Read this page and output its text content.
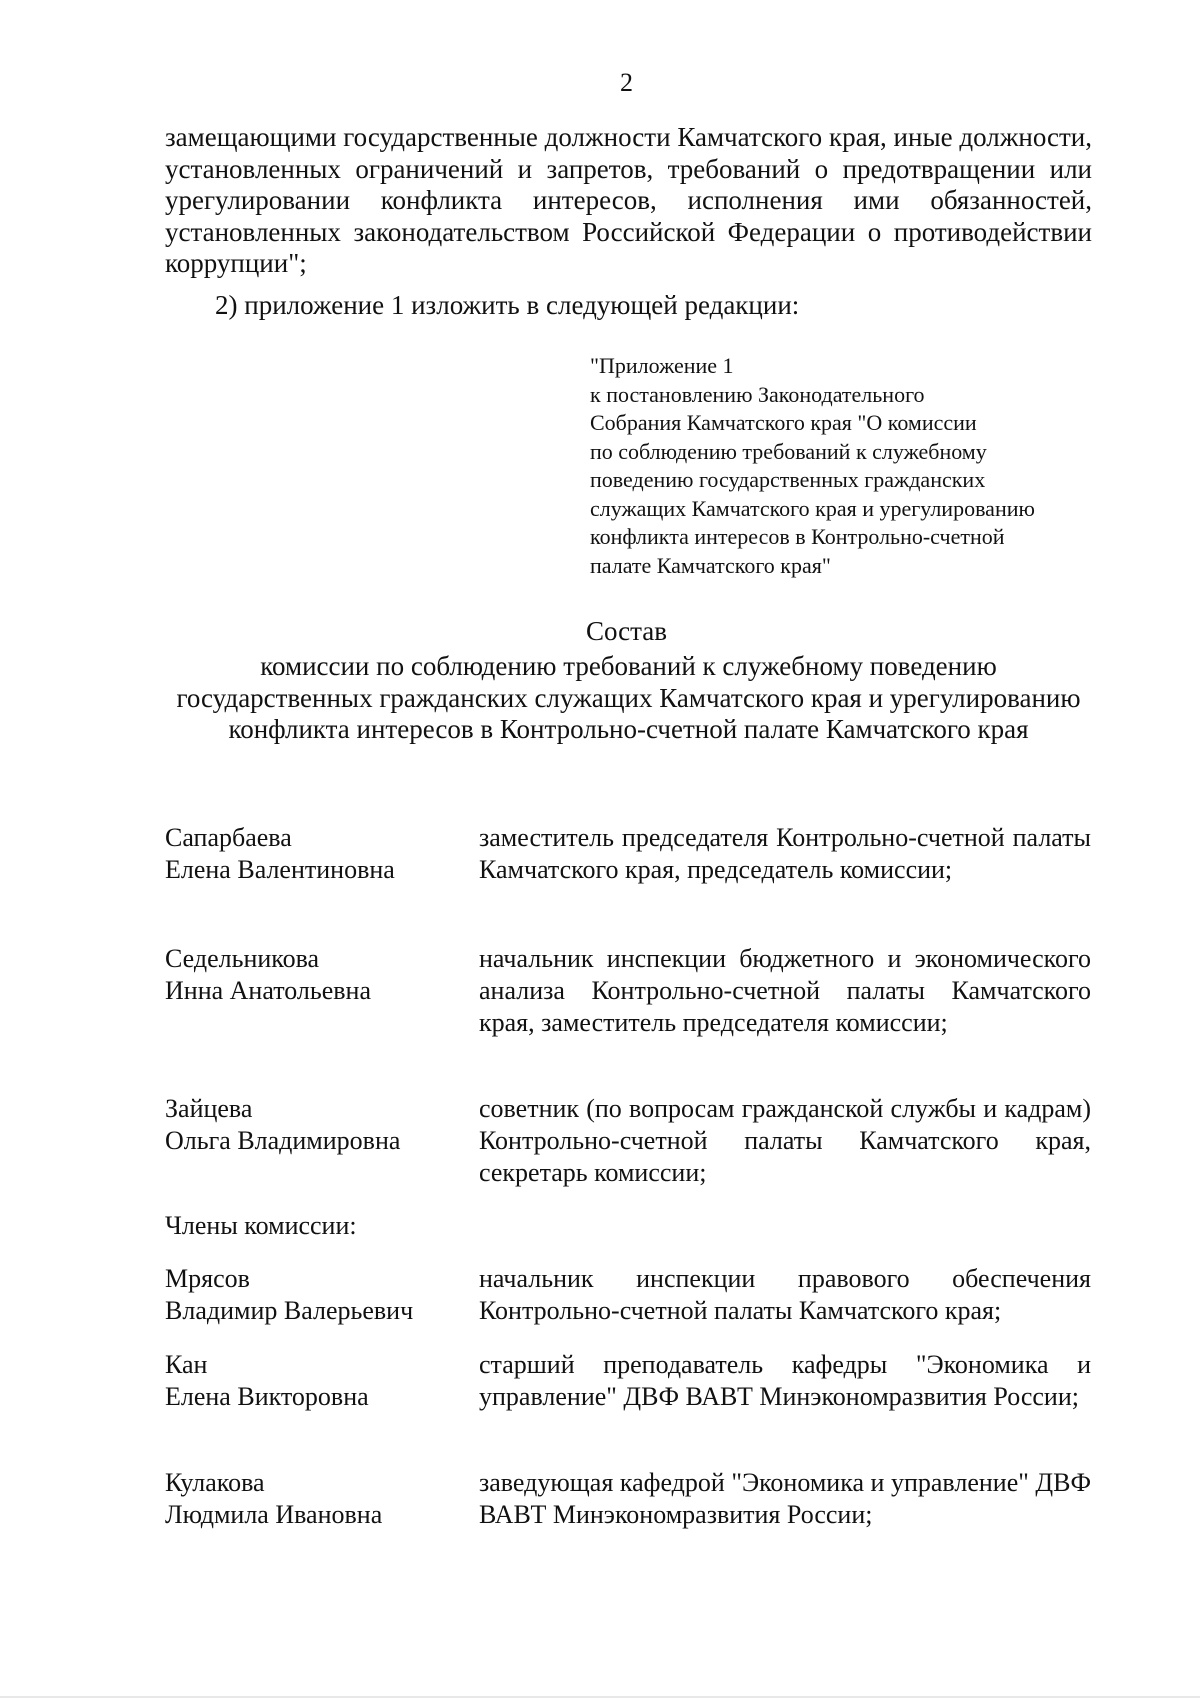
2

замещающими государственные должности Камчатского края, иные должности, установленных ограничений и запретов, требований о предотвращении или урегулировании конфликта интересов, исполнения ими обязанностей, установленных законодательством Российской Федерации о противодействии коррупции";

2) приложение 1 изложить в следующей редакции:
"Приложение 1
к постановлению Законодательного
Собрания Камчатского края "О комиссии
по соблюдению требований к служебному
поведению государственных гражданских
служащих Камчатского края и урегулированию
конфликта интересов в Контрольно-счетной
палате Камчатского края"
Состав
комиссии по соблюдению требований к служебному поведению государственных гражданских служащих Камчатского края и урегулированию конфликта интересов в Контрольно-счетной палате Камчатского края
Сапарбаева
Елена Валентиновна
заместитель председателя Контрольно-счетной палаты Камчатского края, председатель комиссии;
Седельникова
Инна Анатольевна
начальник инспекции бюджетного и экономического анализа Контрольно-счетной палаты Камчатского края, заместитель председателя комиссии;
Зайцева
Ольга Владимировна
советник (по вопросам гражданской службы и кадрам) Контрольно-счетной палаты Камчатского края, секретарь комиссии;
Члены комиссии:
Мрясов
Владимир Валерьевич
начальник инспекции правового обеспечения Контрольно-счетной палаты Камчатского края;
Кан
Елена Викторовна
старший преподаватель кафедры "Экономика и управление" ДВФ ВАВТ Минэкономразвития России;
Кулакова
Людмила Ивановна
заведующая кафедрой "Экономика и управление" ДВФ ВАВТ Минэкономразвития России;
